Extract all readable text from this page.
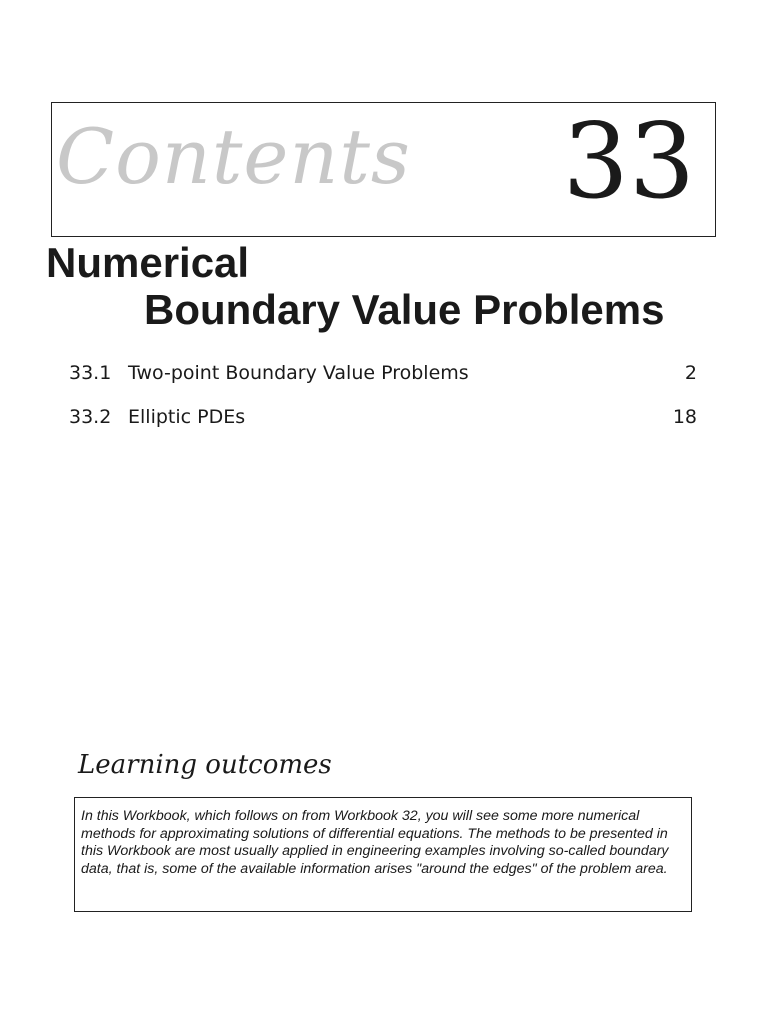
Contents 33
Numerical
Boundary Value Problems
33.1 Two-point Boundary Value Problems	2
33.2 Elliptic PDEs	18
Learning outcomes

In this Workbook, which follows on from Workbook 32, you will see some more numerical methods for approximating solutions of differential equations. The methods to be presented in this Workbook are most usually applied in engineering examples involving so-called boundary data, that is, some of the available information arises "around the edges" of the problem area.
